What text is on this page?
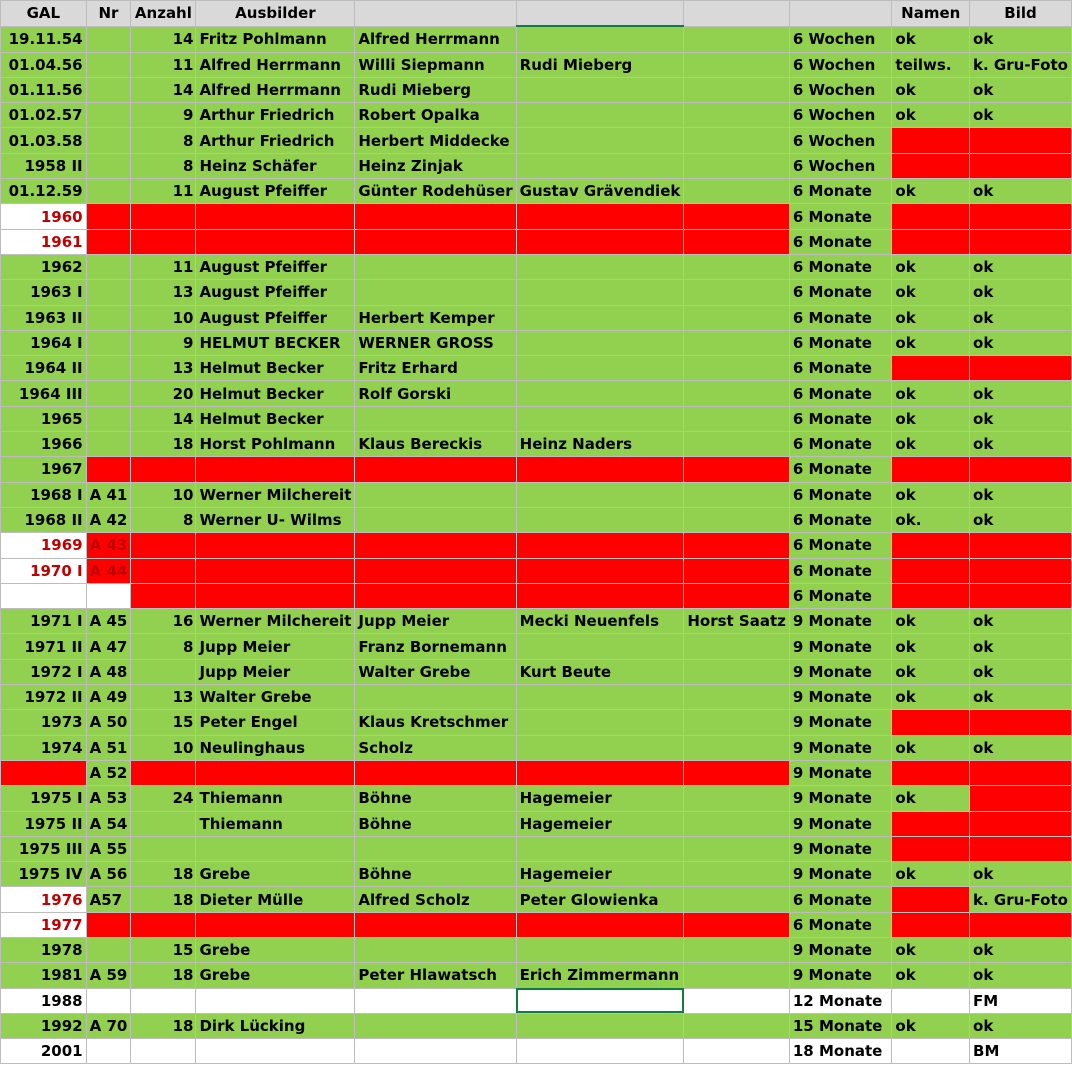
GAL	Nr	Anzahl	Ausbilder					Namen	Bild
19.11.54		14	Fritz Pohlmann	Alfred Herrmann			6 Wochen	ok	ok
01.04.56		11	Alfred Herrmann	Willi Siepmann	Rudi Mieberg		6 Wochen	teilws.	k. Gru-Foto
01.11.56		14	Alfred Herrmann	Rudi Mieberg			6 Wochen	ok	ok
01.02.57		9	Arthur Friedrich	Robert Opalka			6 Wochen	ok	ok
01.03.58		8	Arthur Friedrich	Herbert Middecke			6 Wochen		
1958 II		8	Heinz Schäfer	Heinz Zinjak			6 Wochen		
01.12.59		11	August Pfeiffer	Günter Rodehüser	Gustav Grävendiek		6 Monate	ok	ok
1960							6 Monate		
1961							6 Monate		
1962		11	August Pfeiffer				6 Monate	ok	ok
1963 I		13	August Pfeiffer				6 Monate	ok	ok
1963 II		10	August Pfeiffer	Herbert Kemper			6 Monate	ok	ok
1964 I		9	HELMUT BECKER	WERNER GROSS			6 Monate	ok	ok
1964 II		13	Helmut Becker	Fritz Erhard			6 Monate		
1964 III		20	Helmut Becker	Rolf Gorski			6 Monate	ok	ok
1965		14	Helmut Becker				6 Monate	ok	ok
1966		18	Horst Pohlmann	Klaus Bereckis	Heinz Naders		6 Monate	ok	ok
1967							6 Monate		
1968 I	A 41	10	Werner Milchereit				6 Monate	ok	ok
1968 II	A 42	8	Werner U- Wilms				6 Monate	ok.	ok
1969	A 43						6 Monate		
1970 I	A 44						6 Monate		
							6 Monate		
1971 I	A 45	16	Werner Milchereit	Jupp Meier	Mecki Neuenfels	Horst Saatz	9 Monate	ok	ok
1971 II	A 47	8	Jupp Meier	Franz Bornemann			9 Monate	ok	ok
1972 I	A 48		Jupp Meier	Walter Grebe	Kurt Beute		9 Monate	ok	ok
1972 II	A 49	13	Walter Grebe				9 Monate	ok	ok
1973	A 50	15	Peter Engel	Klaus Kretschmer			9 Monate		
1974	A 51	10	Neulinghaus	Scholz			9 Monate	ok	ok
	A 52						9 Monate		
1975 I	A 53	24	Thiemann	Böhne	Hagemeier		9 Monate	ok	
1975 II	A 54		Thiemann	Böhne	Hagemeier		9 Monate		
1975 III	A 55						9 Monate		
1975 IV	A 56	18	Grebe	Böhne	Hagemeier		9 Monate	ok	ok
1976	A57	18	Dieter Mülle	Alfred Scholz	Peter Glowienka		6 Monate		k. Gru-Foto
1977							6 Monate		
1978		15	Grebe				9 Monate	ok	ok
1981	A 59	18	Grebe	Peter Hlawatsch	Erich Zimmermann		9 Monate	ok	ok
1988							12 Monate		FM
1992	A 70	18	Dirk Lücking				15 Monate	ok	ok
2001							18 Monate		BM
